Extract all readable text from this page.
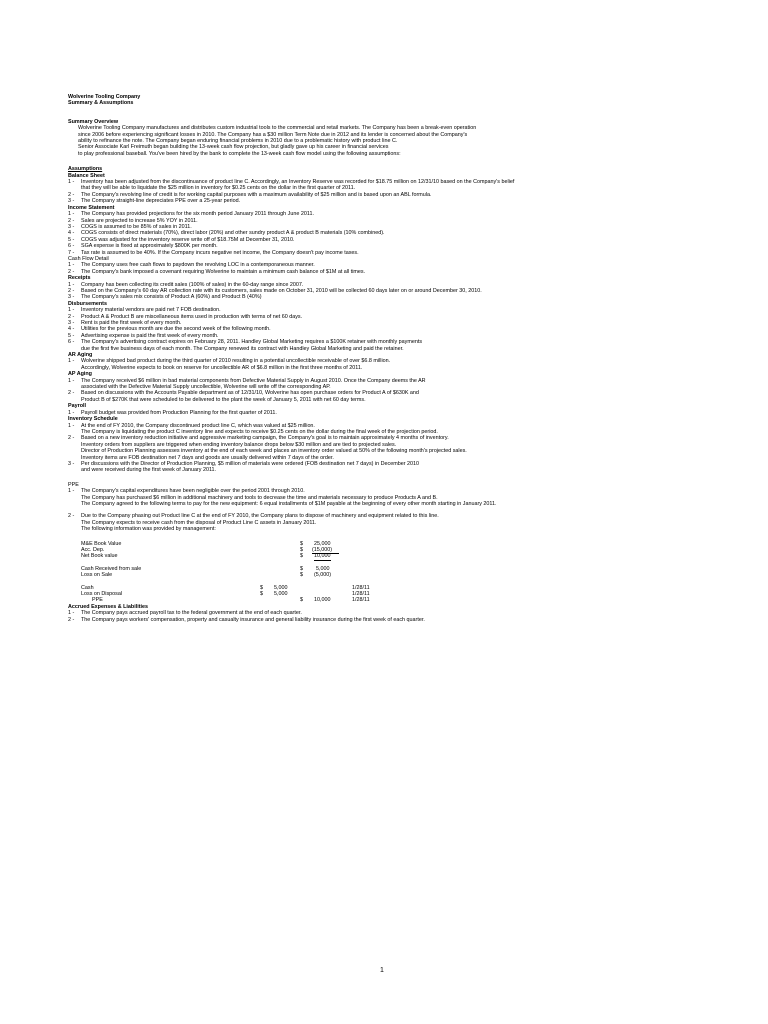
Wolverine Tooling Company
Summary & Assumptions
Summary Overview
Wolverine Tooling Company manufactures and distributes custom industrial tools to the commercial and retail markets. The Company has been a break-even operation
since 2006 before experiencing significant losses in 2010. The Company has a $30 million Term Note due in 2012 and its lender is concerned about the Company's
ability to refinance the note. The Company began enduring financial problems in 2010 due to a problematic history with product line C.
Senior Associate Karl Freimuth began building the 13-week cash flow projection, but gladly gave up his career in financial services
to play professional baseball. You've been hired by the bank to complete the 13-week cash flow model using the following assumptions:
Assumptions
Balance Sheet
1 -	Inventory has been adjusted from the discontinuance of product line C. Accordingly, an Inventory Reserve was recorded for $18.75 million on 12/31/10 based on the Company's belief
that they will be able to liquidate the $25 million in inventory for $0.25 cents on the dollar in the first quarter of 2011.
2 -	The Company's revolving line of credit is for working capital purposes with a maximum availability of $25 million and is based upon an ABL formula.
3 -	The Company straight-line depreciates PPE over a 25-year period.
Income Statement
1 -	The Company has provided projections for the six month period January 2011 through June 2011.
2 -	Sales are projected to increase 5% YOY in 2011.
3 -	COGS is assumed to be 85% of sales in 2011.
4 -	COGS consists of direct materials (70%), direct labor (20%) and other sundry product A & product B materials (10% combined).
5 -	COGS was adjusted for the inventory reserve write off of $18.75M at December 31, 2010.
6 -	SGA expense is fixed at approximately $800K per month.
7 -	Tax rate is assumed to be 40%. If the Company incurs negative net income, the Company doesn't pay income taxes.
Cash Flow Detail
1 -	The Company uses free cash flows to paydown the revolving LOC in a contemporaneous manner.
2 -	The Company's bank imposed a covenant requiring Wolverine to maintain a minimum cash balance of $1M at all times.
Receipts
1 -	Company has been collecting its credit sales (100% of sales) in the 60-day range since 2007.
2 -	Based on the Company's 60 day AR collection rate with its customers, sales made on October 31, 2010 will be collected 60 days later on or around December 30, 2010.
3 -	The Company's sales mix consists of Product A (60%) and Product B (40%)
Disbursements
1 -	Inventory material vendors are paid net 7 FOB destination.
2 -	Product A & Product B are miscellaneous items used in production with terms of net 60 days.
3 -	Rent is paid the first week of every month.
4 -	Utilities for the previous month are due the second week of the following month.
5 -	Advertising expense is paid the first week of every month.
6 -	The Company's advertising contract expires on February 28, 2011. Handley Global Marketing requires a $100K retainer with monthly payments
due the first five business days of each month. The Company renewed its contract with Handley Global Marketing and paid the retainer.
AR Aging
1 -	Wolverine shipped bad product during the third quarter of 2010 resulting in a potential uncollectible receivable of over $6.8 million.
Accordingly, Wolverine expects to book on reserve for uncollectible AR of $6.8 million in the first three months of 2011.
AP Aging
1 -	The Company received $6 million in bad material components from Defective Material Supply in August 2010. Once the Company deems the AR
associated with the Defective Material Supply uncollectible, Wolverine will write off the corresponding AP.
2 -	Based on discussions with the Accounts Payable department as of 12/31/10, Wolverine has open purchase orders for Product A of $630K and
Product B of $270K that were scheduled to be delivered to the plant the week of January 5, 2011 with net 60 day terms.
Payroll
1 -	Payroll budget was provided from Production Planning for the first quarter of 2011.
Inventory Schedule
1 -	At the end of FY 2010, the Company discontinued product line C, which was valued at $25 million.
The Company is liquidating the product C inventory line and expects to receive $0.25 cents on the dollar during the final week of the projection period.
2 -	Based on a new inventory reduction initiative and aggressive marketing campaign, the Company's goal is to maintain approximately 4 months of inventory.
Inventory orders from suppliers are triggered when ending inventory balance drops below $30 million and are tied to projected sales.
Director of Production Planning assesses inventory at the end of each week and places an inventory order valued at 50% of the following month's projected sales.
Inventory items are FOB destination net 7 days and goods are usually delivered within 7 days of the order.
3 -	Per discussions with the Director of Production Planning, $5 million of materials were ordered (FOB destination net 7 days) in December 2010
and were received during the first week of January 2011.
PPE
1 -	The Company's capital expenditures have been negligible over the period 2001 through 2010.
The Company has purchased $6 million in additional machinery and tools to decrease the time and materials necessary to produce Products A and B.
The Company agreed to the following terms to pay for the new equipment: 6 equal installments of $1M payable at the beginning of every other month starting in January 2011.
2 -	Due to the Company phasing out Product line C at the end of FY 2010, the Company plans to dispose of machinery and equipment related to this line.
The Company expects to receive cash from the disposal of Product Line C assets in January 2011.
The following information was provided by management:
M&E Book Value	$ 25,000
Acc. Dep.	$ (15,000)
Net Book value	$ 10,000
Cash Received from sale	$ 5,000
Loss on Sale	$ (5,000)
Cash	$ 5,000	1/28/11
Loss on Disposal	$ 5,000	1/28/11
PPE	$ 10,000	1/28/11
Accrued Expenses & Liabilities
1 -	The Company pays accrued payroll tax to the federal government at the end of each quarter.
2 -	The Company pays workers' compensation, property and casualty insurance and general liability insurance during the first week of each quarter.
1
